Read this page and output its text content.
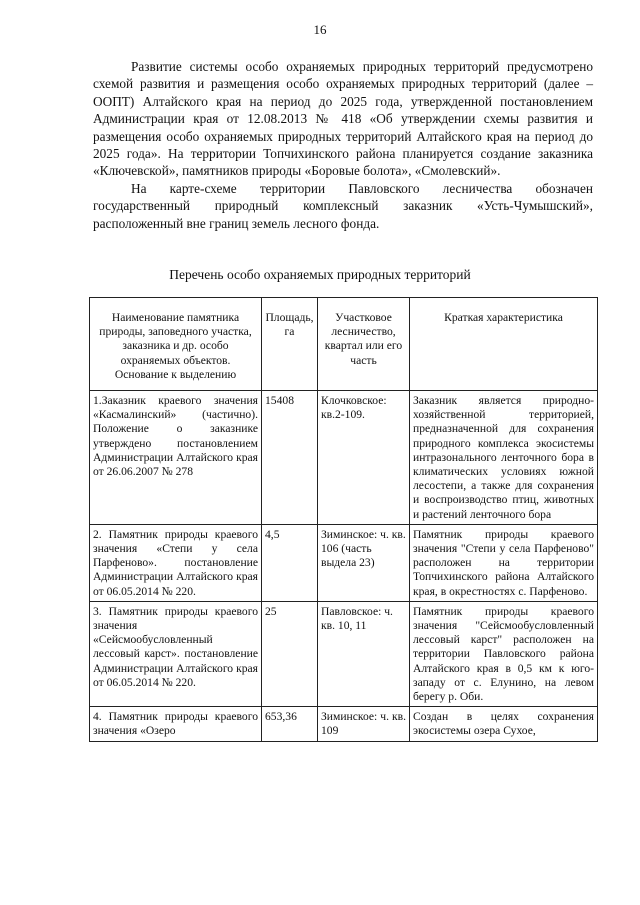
16

Развитие системы особо охраняемых природных территорий предусмотрено схемой развития и размещения особо охраняемых природных территорий (далее – ООПТ) Алтайского края на период до 2025 года, утвержденной постановлением Администрации края от 12.08.2013 № 418 «Об утверждении схемы развития и размещения особо охраняемых природных территорий Алтайского края на период до 2025 года». На территории Топчихинского района планируется создание заказника «Ключевской», памятников природы «Боровые болота», «Смолевский».

На карте-схеме территории Павловского лесничества обозначен государственный природный комплексный заказник «Усть-Чумышский», расположенный вне границ земель лесного фонда.

Перечень особо охраняемых природных территорий
Наименование памятника природы, заповедного участка, заказника и др. особо охраняемых объектов. Основание к выделению	Площадь, га	Участковое лесничество, квартал или его часть	Краткая характеристика
1.Заказник краевого значения «Касмалинский» (частично). Положение о заказнике утверждено постановлением Администрации Алтайского края от 26.06.2007 № 278	15408	Клочковское: кв.2-109.	Заказник является природно-хозяйственной территорией, предназначенной для сохранения природного комплекса экосистемы интразонального ленточного бора в климатических условиях южной лесостепи, а также для сохранения и воспроизводство птиц, животных и растений ленточного бора
2. Памятник природы краевого значения «Степи у села Парфеново». постановление Администрации Алтайского края от 06.05.2014 № 220.	4,5	Зиминское: ч. кв. 106 (часть выдела 23)	Памятник природы краевого значения "Степи у села Парфеново" расположен на территории Топчихинского района Алтайского края, в окрестностях с. Парфеново.
3. Памятник природы краевого значения «Сейсмообусловленный лессовый карст». постановление Администрации Алтайского края от 06.05.2014 № 220.	25	Павловское: ч. кв. 10, 11	Памятник природы краевого значения "Сейсмообусловленный лессовый карст" расположен на территории Павловского района Алтайского края в 0,5 км к юго-западу от с. Елунино, на левом берегу р. Оби.
4. Памятник природы краевого значения «Озеро	653,36	Зиминское: ч. кв. 109	Создан в целях сохранения экосистемы озера Сухое,
